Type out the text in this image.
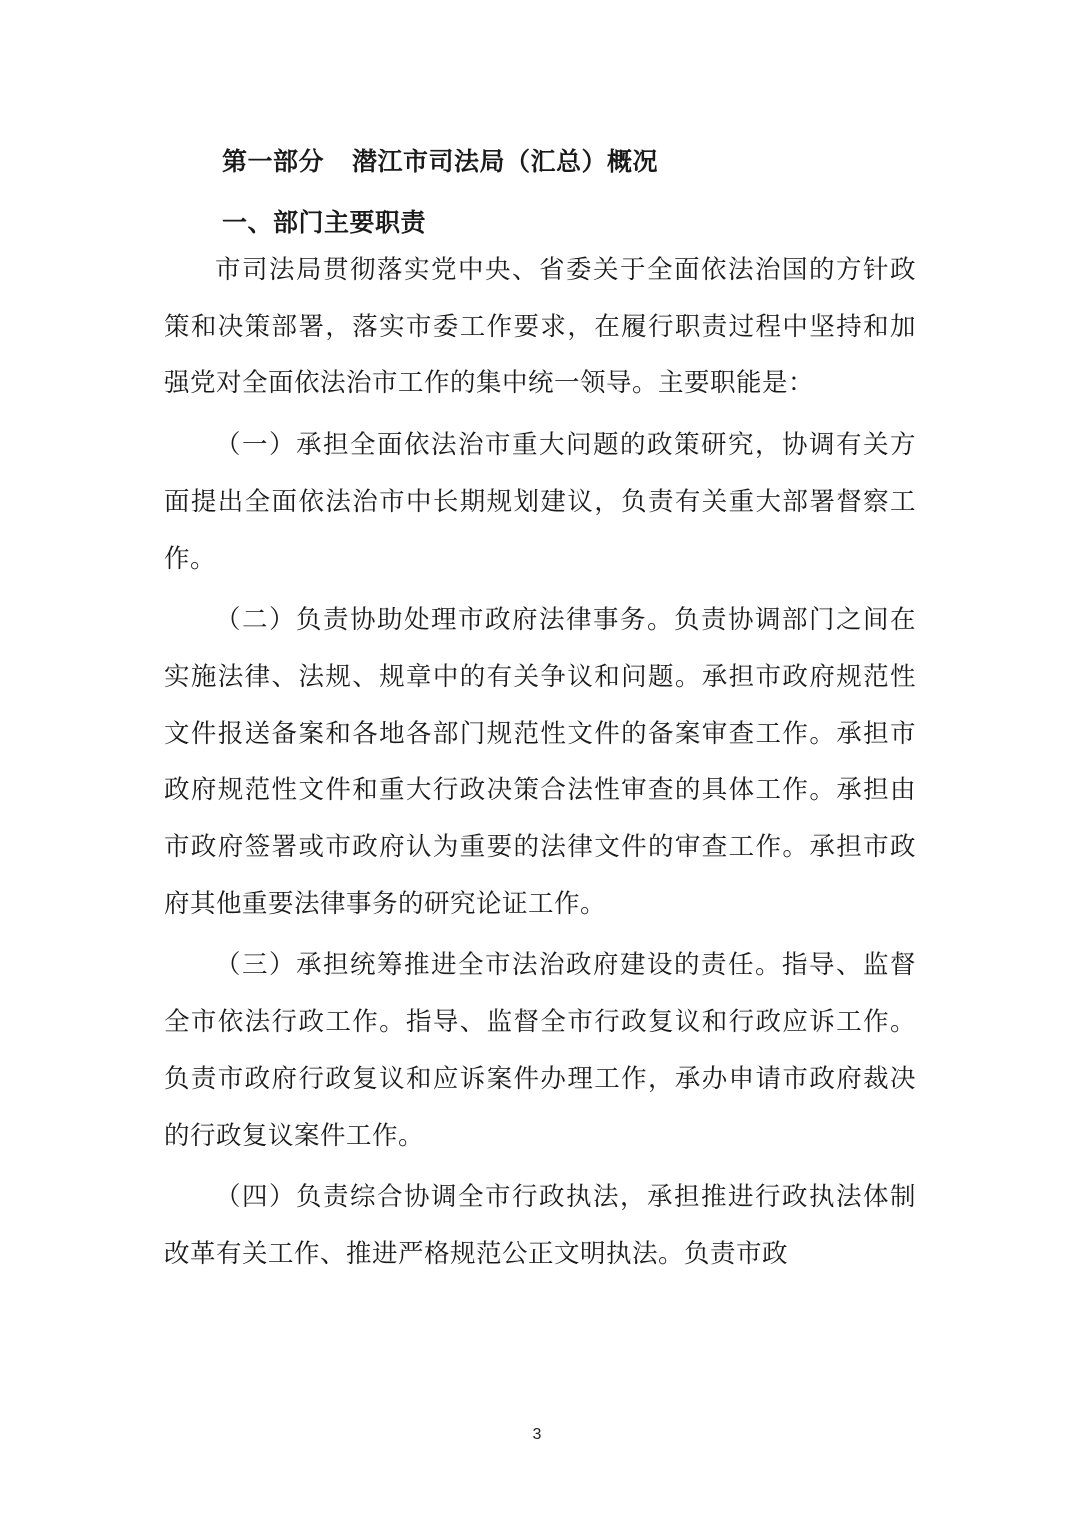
第一部分 潜江市司法局（汇总）概况
一、部门主要职责

市司法局贯彻落实党中央、省委关于全面依法治国的方针政策和决策部署，落实市委工作要求，在履行职责过程中坚持和加强党对全面依法治市工作的集中统一领导。主要职能是：

（一）承担全面依法治市重大问题的政策研究，协调有关方面提出全面依法治市中长期规划建议，负责有关重大部署督察工作。

（二）负责协助处理市政府法律事务。负责协调部门之间在实施法律、法规、规章中的有关争议和问题。承担市政府规范性文件报送备案和各地各部门规范性文件的备案审查工作。承担市政府规范性文件和重大行政决策合法性审查的具体工作。承担由市政府签署或市政府认为重要的法律文件的审查工作。承担市政府其他重要法律事务的研究论证工作。

（三）承担统筹推进全市法治政府建设的责任。指导、监督全市依法行政工作。指导、监督全市行政复议和行政应诉工作。负责市政府行政复议和应诉案件办理工作，承办申请市政府裁决的行政复议案件工作。

（四）负责综合协调全市行政执法，承担推进行政执法体制改革有关工作、推进严格规范公正文明执法。负责市政

3
